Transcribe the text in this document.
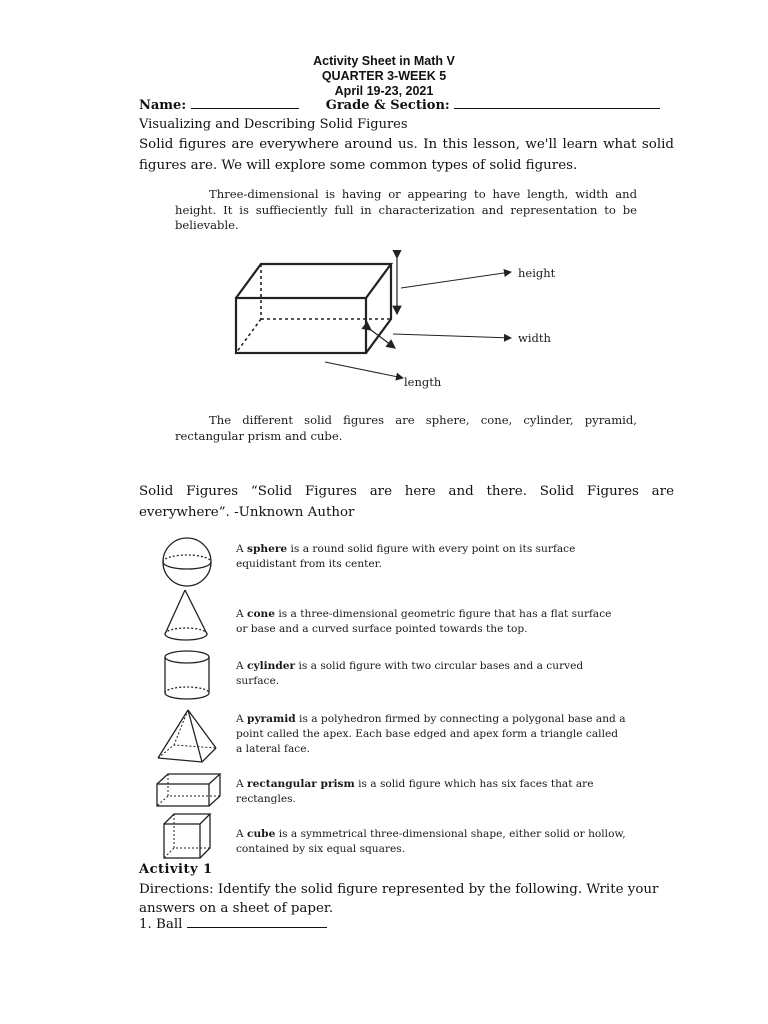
Activity Sheet in Math V
QUARTER 3-WEEK 5
April 19-23, 2021
Name:	Grade & Section:
Visualizing and Describing Solid Figures
Solid figures are everywhere around us. In this lesson, we'll learn what solid figures are. We will explore some common types of solid figures.
Three-dimensional is having or appearing to have length, width and height. It is suffieciently full in characterization and representation to be believable.
height
width
length
The different solid figures are sphere, cone, cylinder, pyramid, rectangular prism and cube.
Solid Figures “Solid Figures are here and there. Solid Figures are everywhere”. -Unknown Author
A sphere is a round solid figure with every point on its surface equidistant from its center.
A cone is a three-dimensional geometric figure that has a flat surface or base and a curved surface pointed towards the top.
A cylinder is a solid figure with two circular bases and a curved surface.
A pyramid is a polyhedron firmed by connecting a polygonal base and a point called the apex. Each base edged and apex form a triangle called a lateral face.
A rectangular prism is a solid figure which has six faces that are rectangles.
A cube is a symmetrical three-dimensional shape, either solid or hollow, contained by six equal squares.
Activity 1
Directions: Identify the solid figure represented by the following. Write your answers on a sheet of paper.
1. Ball
